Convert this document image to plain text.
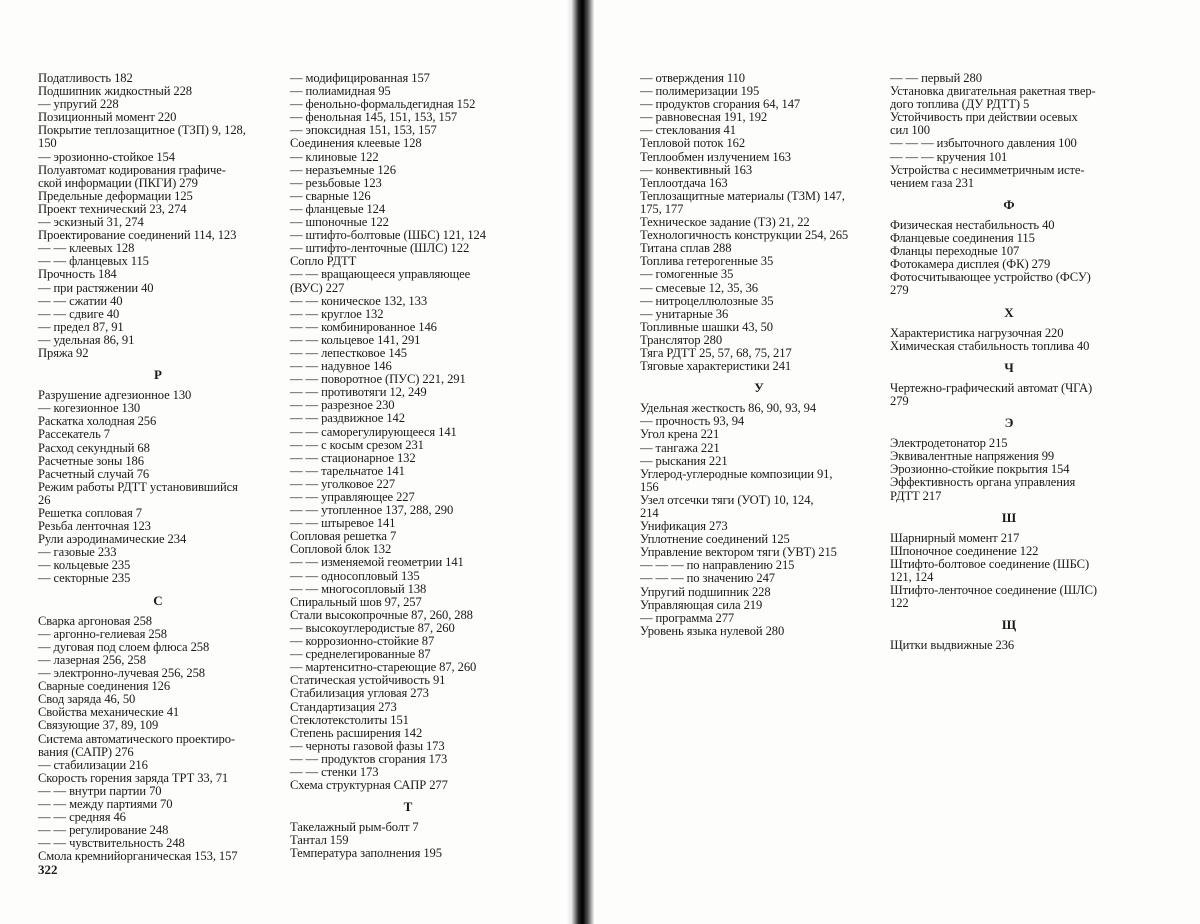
Податливость 182
Подшипник жидкостный 228
— упругий 228
Позиционный момент 220
Покрытие теплозащитное (ТЗП) 9, 128,
150
— эрозионно-стойкое 154
Полуавтомат кодирования графиче-
ской информации (ПКГИ) 279
Предельные деформации 125
Проект технический 23, 274
— эскизный 31, 274
Проектирование соединений 114, 123
— — клеевых 128
— — фланцевых 115
Прочность 184
— при растяжении 40
— — сжатии 40
— — сдвиге 40
— предел 87, 91
— удельная 86, 91
Пряжа 92
Р
Разрушение адгезионное 130
— когезионное 130
Раскатка холодная 256
Рассекатель 7
Расход секундный 68
Расчетные зоны 186
Расчетный случай 76
Режим работы РДТТ установившийся
26
Решетка сопловая 7
Резьба ленточная 123
Рули аэродинамические 234
— газовые 233
— кольцевые 235
— секторные 235
С
Сварка аргоновая 258
— аргонно-гелиевая 258
— дуговая под слоем флюса 258
— лазерная 256, 258
— электронно-лучевая 256, 258
Сварные соединения 126
Свод заряда 46, 50
Свойства механические 41
Связующие 37, 89, 109
Система автоматического проектиро-
вания (САПР) 276
— стабилизации 216
Скорость горения заряда ТРТ 33, 71
— — внутри партии 70
— — между партиями 70
— — средняя 46
— — регулирование 248
— — чувствительность 248
Смола кремнийорганическая 153, 157
— модифицированная 157
— полиамидная 95
— фенольно-формальдегидная 152
— фенольная 145, 151, 153, 157
— эпоксидная 151, 153, 157
Соединения клеевые 128
— клиновые 122
— неразъемные 126
— резьбовые 123
— сварные 126
— фланцевые 124
— шпоночные 122
— штифто-болтовые (ШБС) 121, 124
— штифто-ленточные (ШЛС) 122
Сопло РДТТ
— — вращающееся управляющее
(ВУС) 227
— — коническое 132, 133
— — круглое 132
— — комбинированное 146
— — кольцевое 141, 291
— — лепестковое 145
— — надувное 146
— — поворотное (ПУС) 221, 291
— — противотяги 12, 249
— — разрезное 230
— — раздвижное 142
— — саморегулирующееся 141
— — с косым срезом 231
— — стационарное 132
— — тарельчатое 141
— — уголковое 227
— — управляющее 227
— — утопленное 137, 288, 290
— — штыревое 141
Сопловая решетка 7
Сопловой блок 132
— — изменяемой геометрии 141
— — односопловый 135
— — многосопловый 138
Спиральный шов 97, 257
Стали высокопрочные 87, 260, 288
— высокоуглеродистые 87, 260
— коррозионно-стойкие 87
— среднелегированные 87
— мартенситно-стареющие 87, 260
Статическая устойчивость 91
Стабилизация угловая 273
Стандартизация 273
Стеклотекстолиты 151
Степень расширения 142
— черноты газовой фазы 173
— — продуктов сгорания 173
— — стенки 173
Схема структурная САПР 277
Т
Такелажный рым-болт 7
Тантал 159
Температура заполнения 195
— отверждения 110
— полимеризации 195
— продуктов сгорания 64, 147
— равновесная 191, 192
— стеклования 41
Тепловой поток 162
Теплообмен излучением 163
— конвективный 163
Теплоотдача 163
Теплозащитные материалы (ТЗМ) 147,
175, 177
Техническое задание (ТЗ) 21, 22
Технологичность конструкции 254, 265
Титана сплав 288
Топлива гетерогенные 35
— гомогенные 35
— смесевые 12, 35, 36
— нитроцеллюлозные 35
— унитарные 36
Топливные шашки 43, 50
Транслятор 280
Тяга РДТТ 25, 57, 68, 75, 217
Тяговые характеристики 241
У
Удельная жесткость 86, 90, 93, 94
— прочность 93, 94
Угол крена 221
— тангажа 221
— рыскания 221
Углерод-углеродные композиции 91,
156
Узел отсечки тяги (УОТ) 10, 124,
214
Унификация 273
Уплотнение соединений 125
Управление вектором тяги (УВТ) 215
— — — по направлению 215
— — — по значению 247
Упругий подшипник 228
Управляющая сила 219
— программа 277
Уровень языка нулевой 280
— — первый 280
Установка двигательная ракетная твер-
дого топлива (ДУ РДТТ) 5
Устойчивость при действии осевых
сил 100
— — — избыточного давления 100
— — — кручения 101
Устройства с несимметричным исте-
чением газа 231
Ф
Физическая нестабильность 40
Фланцевые соединения 115
Фланцы переходные 107
Фотокамера дисплея (ФК) 279
Фотосчитывающее устройство (ФСУ)
279
Х
Характеристика нагрузочная 220
Химическая стабильность топлива 40
Ч
Чертежно-графический автомат (ЧГА)
279
Э
Электродетонатор 215
Эквивалентные напряжения 99
Эрозионно-стойкие покрытия 154
Эффективность органа управления
РДТТ 217
Ш
Шарнирный момент 217
Шпоночное соединение 122
Штифто-болтовое соединение (ШБС)
121, 124
Штифто-ленточное соединение (ШЛС)
122
Щ
Щитки выдвижные 236
322
